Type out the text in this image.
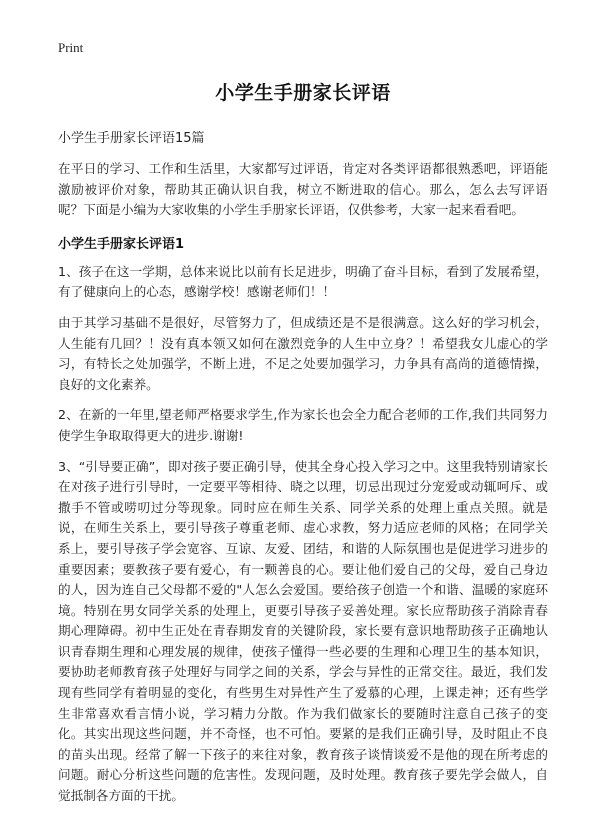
Print
小学生手册家长评语
小学生手册家长评语15篇

在平日的学习、工作和生活里，大家都写过评语，肯定对各类评语都很熟悉吧，评语能激励被评价对象，帮助其正确认识自我，树立不断进取的信心。那么，怎么去写评语呢？下面是小编为大家收集的小学生手册家长评语，仅供参考，大家一起来看看吧。

小学生手册家长评语1

1、孩子在这一学期，总体来说比以前有长足进步，明确了奋斗目标，看到了发展希望，有了健康向上的心态，感谢学校！感谢老师们！！

由于其学习基础不是很好，尽管努力了，但成绩还是不是很满意。这么好的学习机会，人生能有几回？！没有真本领又如何在激烈竞争的人生中立身？！希望我女儿虚心的学习，有特长之处加强学，不断上进，不足之处要加强学习，力争具有高尚的道德情操，良好的文化素养。

2、在新的一年里,望老师严格要求学生,作为家长也会全力配合老师的工作,我们共同努力使学生争取取得更大的进步.谢谢!

3、“引导要正确”，即对孩子要正确引导，使其全身心投入学习之中。这里我特别请家长在对孩子进行引导时，一定要平等相待、晓之以理，切忌出现过分宠爱或动辄呵斥、或撒手不管或唠叨过分等现象。同时应在师生关系、同学关系的处理上重点关照。就是说，在师生关系上，要引导孩子尊重老师、虚心求教，努力适应老师的风格；在同学关系上，要引导孩子学会宽容、互谅、友爱、团结，和谐的人际氛围也是促进学习进步的重要因素；要教孩子要有爱心，有一颗善良的心。要让他们爱自己的父母，爱自己身边的人，因为连自己父母都不爱的"人怎么会爱国。要给孩子创造一个和谐、温暖的家庭环境。特别在男女同学关系的处理上，更要引导孩子妥善处理。家长应帮助孩子消除青春期心理障碍。初中生正处在青春期发育的关键阶段，家长要有意识地帮助孩子正确地认识青春期生理和心理发展的规律，使孩子懂得一些必要的生理和心理卫生的基本知识，要协助老师教育孩子处理好与同学之间的关系，学会与异性的正常交往。最近，我们发现有些同学有着明显的变化，有些男生对异性产生了爱慕的心理，上课走神；还有些学生非常喜欢看言情小说，学习精力分散。作为我们做家长的要随时注意自己孩子的变化。其实出现这些问题，并不奇怪，也不可怕。要紧的是我们正确引导，及时阻止不良的苗头出现。经常了解一下孩子的来往对象，教育孩子谈情谈爱不是他的现在所考虑的问题。耐心分析这些问题的危害性。发现问题，及时处理。教育孩子要先学会做人，自觉抵制各方面的干扰。
